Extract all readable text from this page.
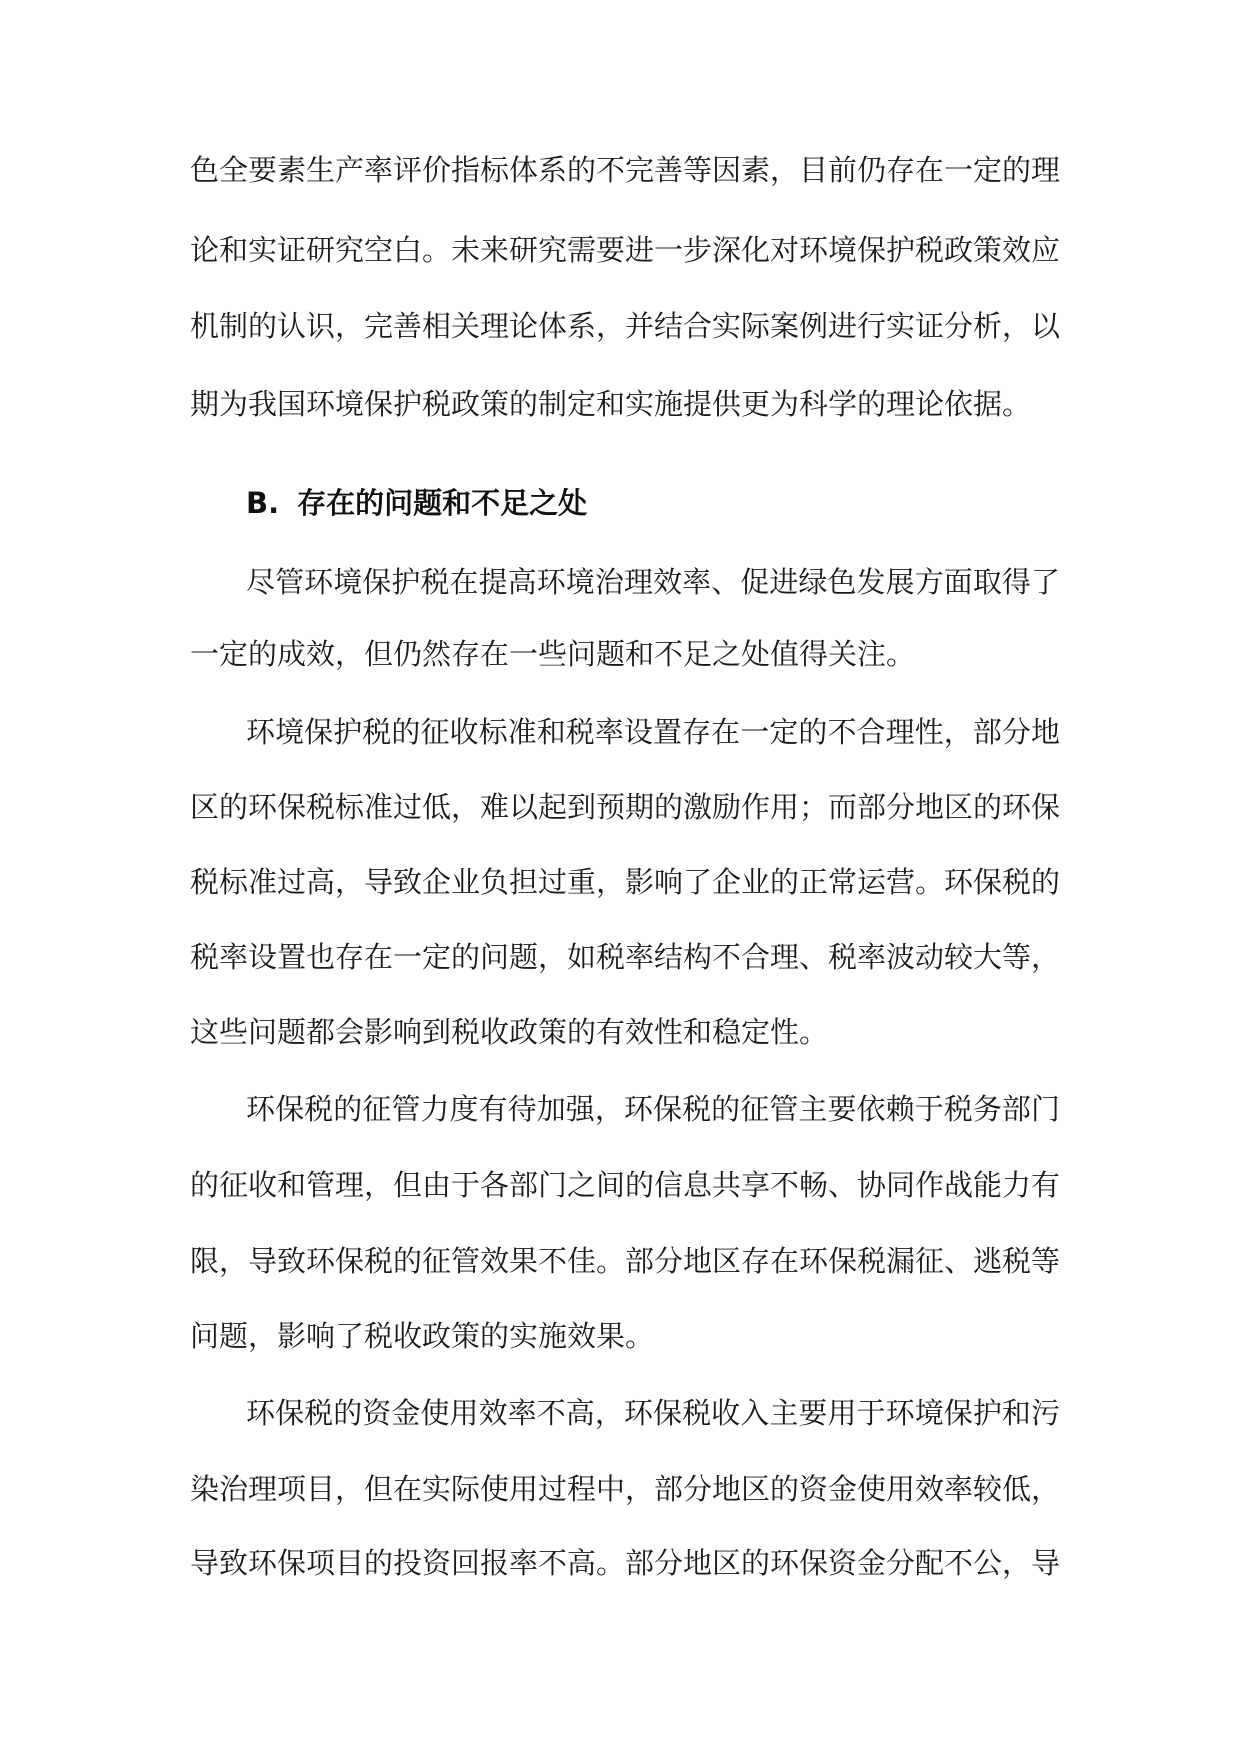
色全要素生产率评价指标体系的不完善等因素，目前仍存在一定的理
论和实证研究空白。未来研究需要进一步深化对环境保护税政策效应
机制的认识，完善相关理论体系，并结合实际案例进行实证分析，以
期为我国环境保护税政策的制定和实施提供更为科学的理论依据。
B. 存在的问题和不足之处
尽管环境保护税在提高环境治理效率、促进绿色发展方面取得了
一定的成效，但仍然存在一些问题和不足之处值得关注。
环境保护税的征收标准和税率设置存在一定的不合理性，部分地
区的环保税标准过低，难以起到预期的激励作用；而部分地区的环保
税标准过高，导致企业负担过重，影响了企业的正常运营。环保税的
税率设置也存在一定的问题，如税率结构不合理、税率波动较大等，
这些问题都会影响到税收政策的有效性和稳定性。
环保税的征管力度有待加强，环保税的征管主要依赖于税务部门
的征收和管理，但由于各部门之间的信息共享不畅、协同作战能力有
限，导致环保税的征管效果不佳。部分地区存在环保税漏征、逃税等
问题，影响了税收政策的实施效果。
环保税的资金使用效率不高，环保税收入主要用于环境保护和污
染治理项目，但在实际使用过程中，部分地区的资金使用效率较低，
导致环保项目的投资回报率不高。部分地区的环保资金分配不公，导
